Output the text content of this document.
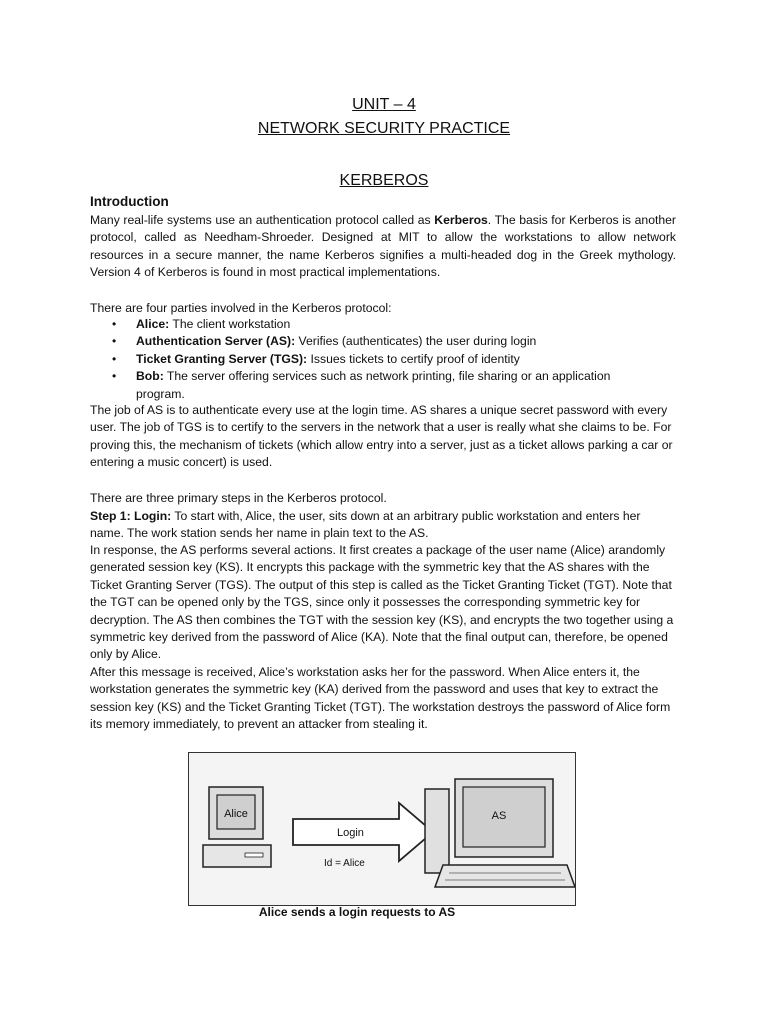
UNIT – 4
NETWORK SECURITY PRACTICE
KERBEROS
Introduction

Many real-life systems use an authentication protocol called as Kerberos. The basis for Kerberos is another protocol, called as Needham-Shroeder. Designed at MIT to allow the workstations to allow network resources in a secure manner, the name Kerberos signifies a multi-headed dog in the Greek mythology. Version 4 of Kerberos is found in most practical implementations.

There are four parties involved in the Kerberos protocol:

• Alice: The client workstation
• Authentication Server (AS): Verifies (authenticates) the user during login
• Ticket Granting Server (TGS): Issues tickets to certify proof of identity
• Bob: The server offering services such as network printing, file sharing or an application program.

The job of AS is to authenticate every use at the login time. AS shares a unique secret password with every user. The job of TGS is to certify to the servers in the network that a user is really what she claims to be. For proving this, the mechanism of tickets (which allow entry into a server, just as a ticket allows parking a car or entering a music concert) is used.

There are three primary steps in the Kerberos protocol.

Step 1: Login: To start with, Alice, the user, sits down at an arbitrary public workstation and enters her name. The work station sends her name in plain text to the AS.

In response, the AS performs several actions. It first creates a package of the user name (Alice) arandomly generated session key (KS). It encrypts this package with the symmetric key that the AS shares with the Ticket Granting Server (TGS). The output of this step is called as the Ticket Granting Ticket (TGT). Note that the TGT can be opened only by the TGS, since only it possesses the corresponding symmetric key for decryption. The AS then combines the TGT with the session key (KS), and encrypts the two together using a symmetric key derived from the password of Alice (KA). Note that the final output can, therefore, be opened only by Alice.

After this message is received, Alice’s workstation asks her for the password. When Alice enters it, the workstation generates the symmetric key (KA) derived from the password and uses that key to extract the session key (KS) and the Ticket Granting Ticket (TGT). The workstation destroys the password of Alice form its memory immediately, to prevent an attacker from stealing it.

Alice
Login
Id = Alice
AS
Alice sends a login requests to AS
